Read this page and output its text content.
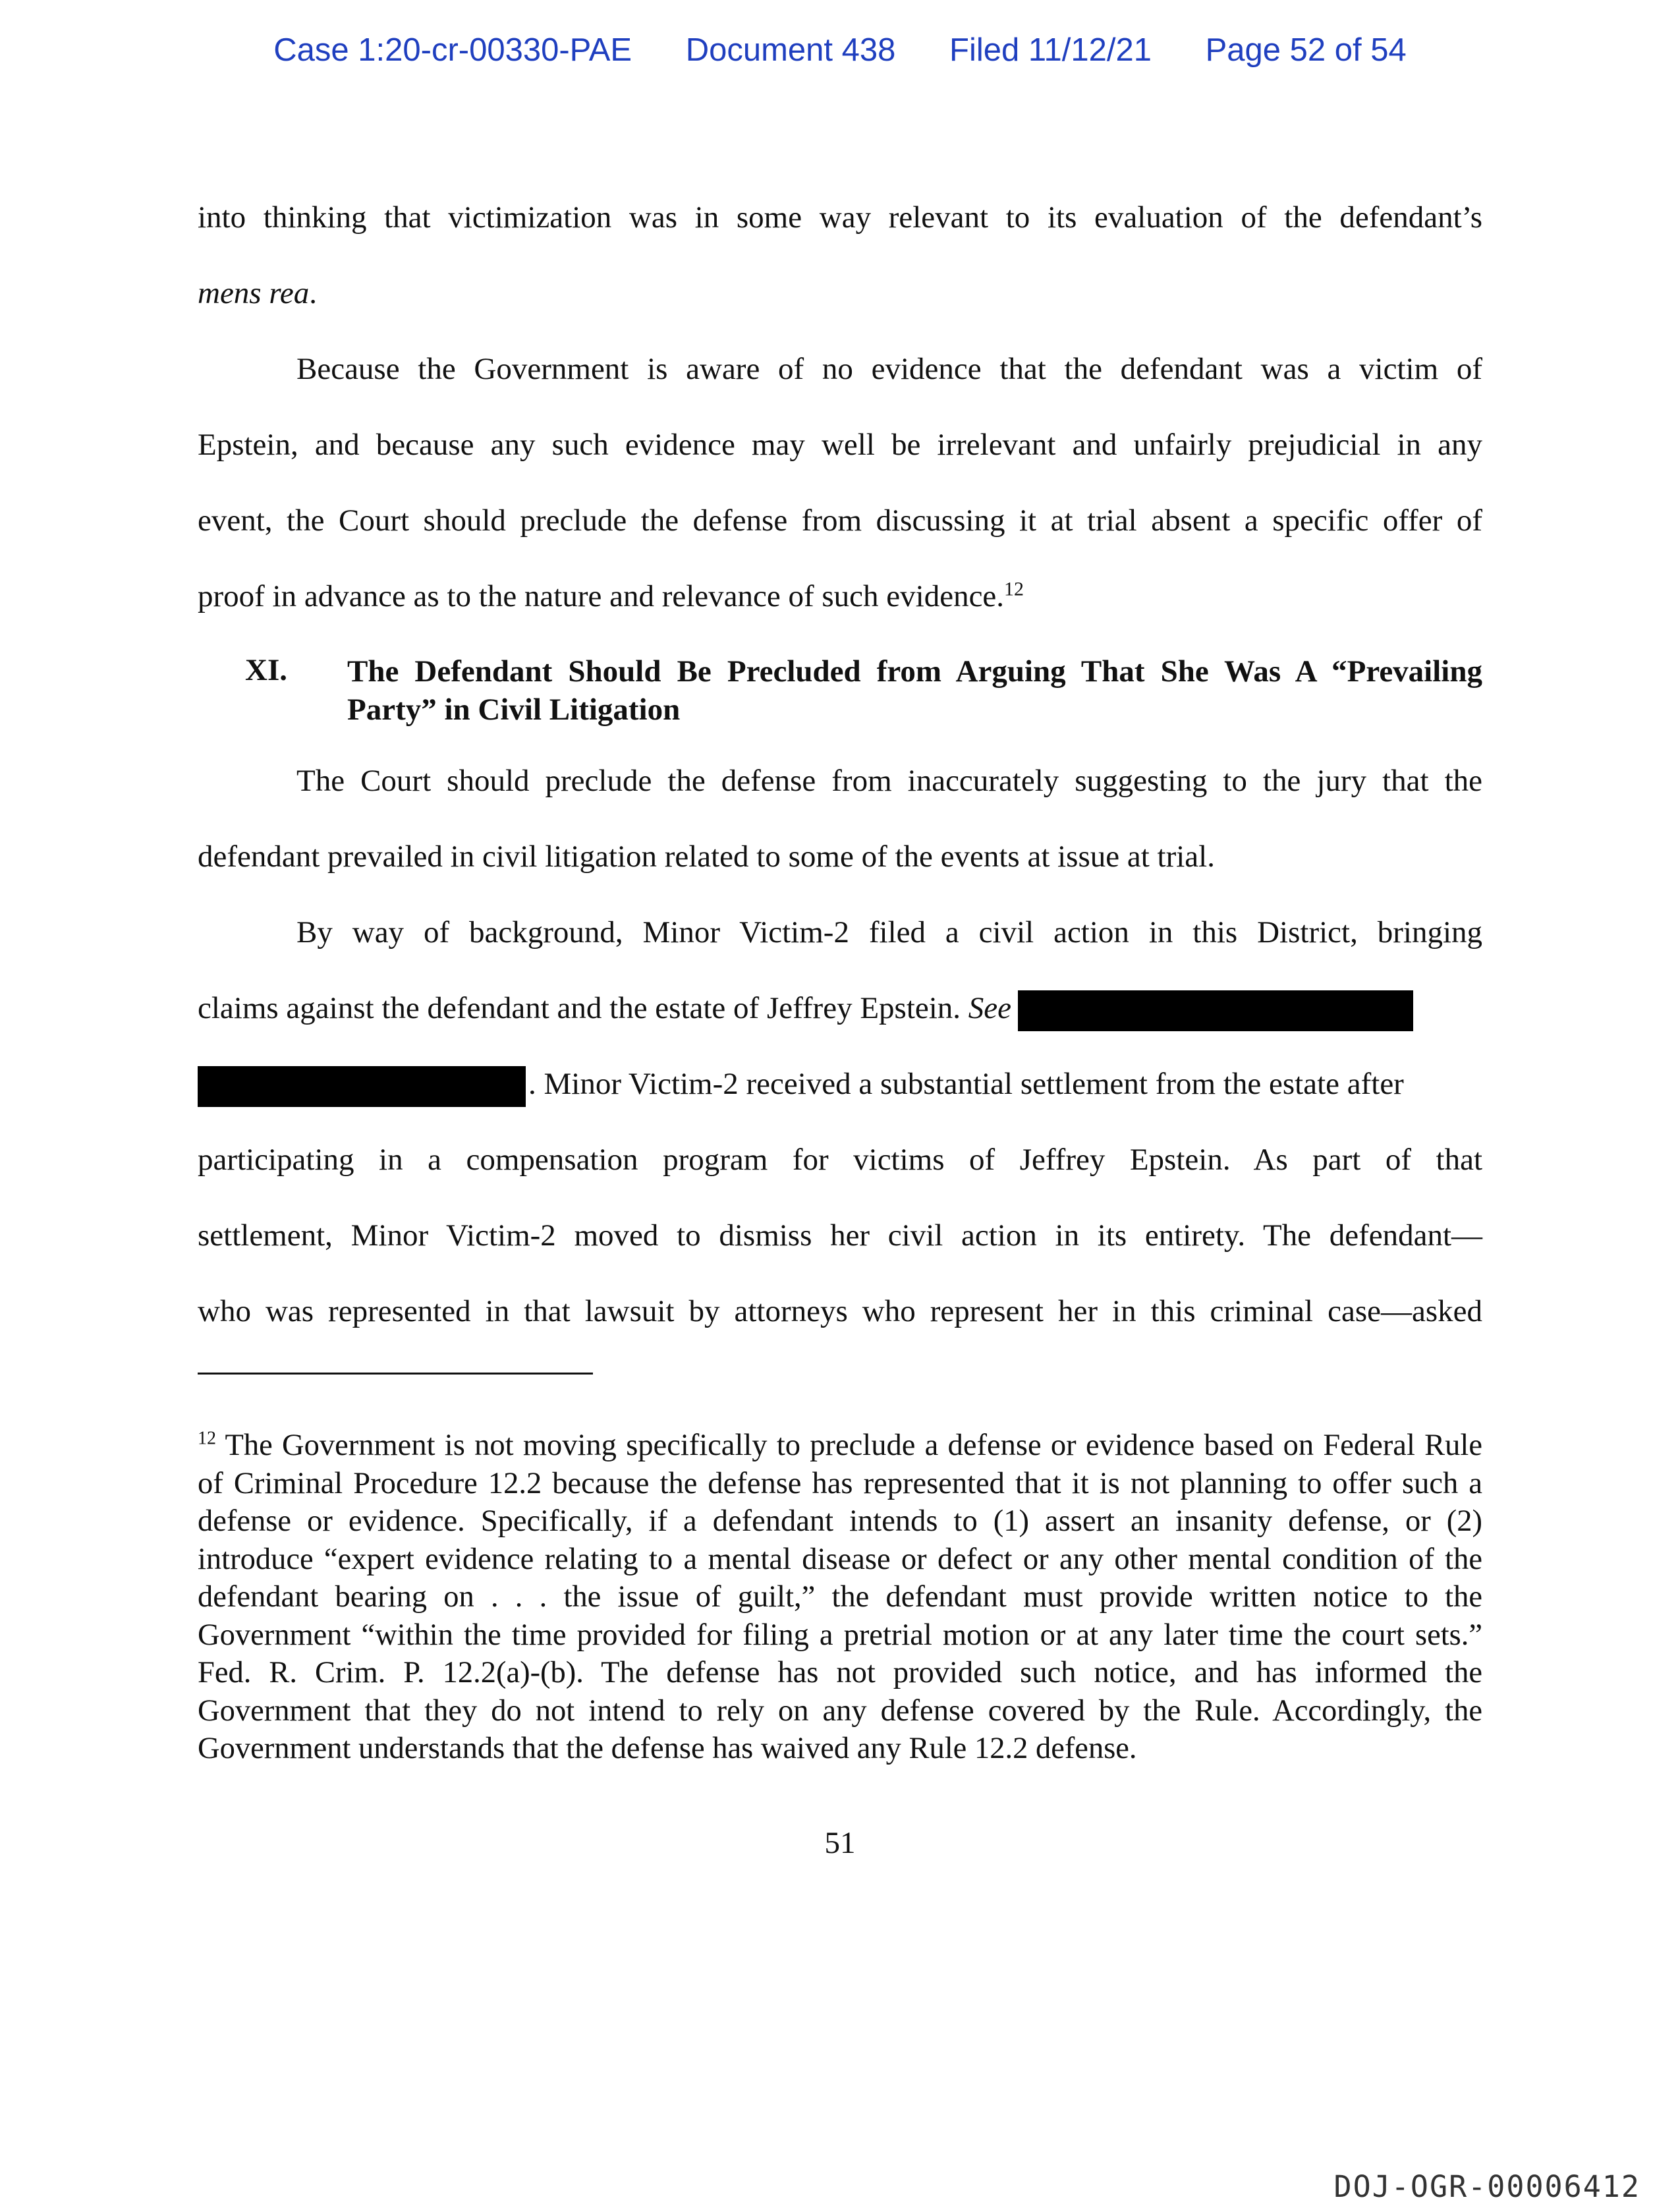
Case 1:20-cr-00330-PAE Document 438 Filed 11/12/21 Page 52 of 54
into thinking that victimization was in some way relevant to its evaluation of the defendant’s
mens rea.
Because the Government is aware of no evidence that the defendant was a victim of
Epstein, and because any such evidence may well be irrelevant and unfairly prejudicial in any
event, the Court should preclude the defense from discussing it at trial absent a specific offer of
proof in advance as to the nature and relevance of such evidence.$^{12}$
The Court should preclude the defense from inaccurately suggesting to the jury that the
defendant prevailed in civil litigation related to some of the events at issue at trial.
By way of background, Minor Victim-2 filed a civil action in this District, bringing
claims against the defendant and the estate of Jeffrey Epstein. See
. Minor Victim-2 received a substantial settlement from the estate after
participating in a compensation program for victims of Jeffrey Epstein. As part of that
settlement, Minor Victim-2 moved to dismiss her civil action in its entirety. The defendant—
who was represented in that lawsuit by attorneys who represent her in this criminal case—asked
XI. The Defendant Should Be Precluded from Arguing That She Was A “Prevailing
Party” in Civil Litigation
$^{12}$ The Government is not moving specifically to preclude a defense or evidence based on Federal Rule of Criminal Procedure 12.2 because the defense has represented that it is not planning to offer such a defense or evidence. Specifically, if a defendant intends to (1) assert an insanity defense, or (2) introduce “expert evidence relating to a mental disease or defect or any other mental condition of the defendant bearing on . . . the issue of guilt,” the defendant must provide written notice to the Government “within the time provided for filing a pretrial motion or at any later time the court sets.” Fed. R. Crim. P. 12.2(a)-(b). The defense has not provided such notice, and has informed the Government that they do not intend to rely on any defense covered by the Rule. Accordingly, the Government understands that the defense has waived any Rule 12.2 defense.
51
DOJ-OGR-00006412
